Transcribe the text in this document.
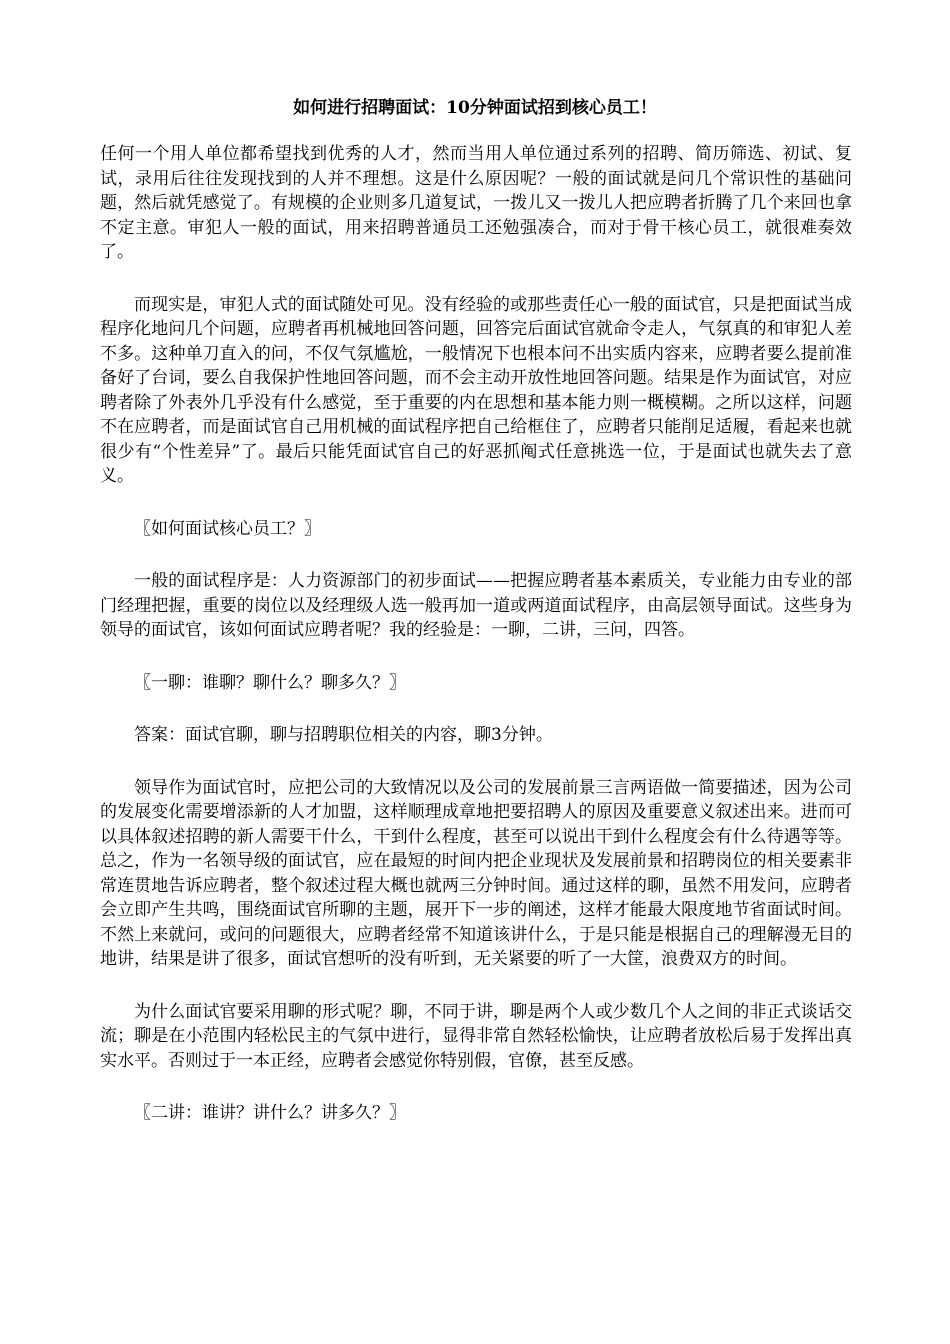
如何进行招聘面试：10分钟面试招到核心员工！

任何一个用人单位都希望找到优秀的人才，然而当用人单位通过系列的招聘、简历筛选、初试、复试，录用后往往发现找到的人并不理想。这是什么原因呢？一般的面试就是问几个常识性的基础问题，然后就凭感觉了。有规模的企业则多几道复试，一拨儿又一拨儿人把应聘者折腾了几个来回也拿不定主意。审犯人一般的面试，用来招聘普通员工还勉强凑合，而对于骨干核心员工，就很难奏效了。

而现实是，审犯人式的面试随处可见。没有经验的或那些责任心一般的面试官，只是把面试当成程序化地问几个问题，应聘者再机械地回答问题，回答完后面试官就命令走人，气氛真的和审犯人差不多。这种单刀直入的问，不仅气氛尴尬，一般情况下也根本问不出实质内容来，应聘者要么提前准备好了台词，要么自我保护性地回答问题，而不会主动开放性地回答问题。结果是作为面试官，对应聘者除了外表外几乎没有什么感觉，至于重要的内在思想和基本能力则一概模糊。之所以这样，问题不在应聘者，而是面试官自己用机械的面试程序把自己给框住了，应聘者只能削足适履，看起来也就很少有“个性差异”了。最后只能凭面试官自己的好恶抓阄式任意挑选一位，于是面试也就失去了意义。

〖如何面试核心员工？〗

一般的面试程序是：人力资源部门的初步面试——把握应聘者基本素质关，专业能力由专业的部门经理把握，重要的岗位以及经理级人选一般再加一道或两道面试程序，由高层领导面试。这些身为领导的面试官，该如何面试应聘者呢？我的经验是：一聊，二讲，三问，四答。

〖一聊：谁聊？聊什么？聊多久？〗

答案：面试官聊，聊与招聘职位相关的内容，聊3分钟。

领导作为面试官时，应把公司的大致情况以及公司的发展前景三言两语做一简要描述，因为公司的发展变化需要增添新的人才加盟，这样顺理成章地把要招聘人的原因及重要意义叙述出来。进而可以具体叙述招聘的新人需要干什么，干到什么程度，甚至可以说出干到什么程度会有什么待遇等等。总之，作为一名领导级的面试官，应在最短的时间内把企业现状及发展前景和招聘岗位的相关要素非常连贯地告诉应聘者，整个叙述过程大概也就两三分钟时间。通过这样的聊，虽然不用发问，应聘者会立即产生共鸣，围绕面试官所聊的主题，展开下一步的阐述，这样才能最大限度地节省面试时间。不然上来就问，或问的问题很大，应聘者经常不知道该讲什么，于是只能是根据自己的理解漫无目的地讲，结果是讲了很多，面试官想听的没有听到，无关紧要的听了一大筐，浪费双方的时间。

为什么面试官要采用聊的形式呢？聊，不同于讲，聊是两个人或少数几个人之间的非正式谈话交流；聊是在小范围内轻松民主的气氛中进行，显得非常自然轻松愉快，让应聘者放松后易于发挥出真实水平。否则过于一本正经，应聘者会感觉你特别假，官僚，甚至反感。

〖二讲：谁讲？讲什么？讲多久？〗
